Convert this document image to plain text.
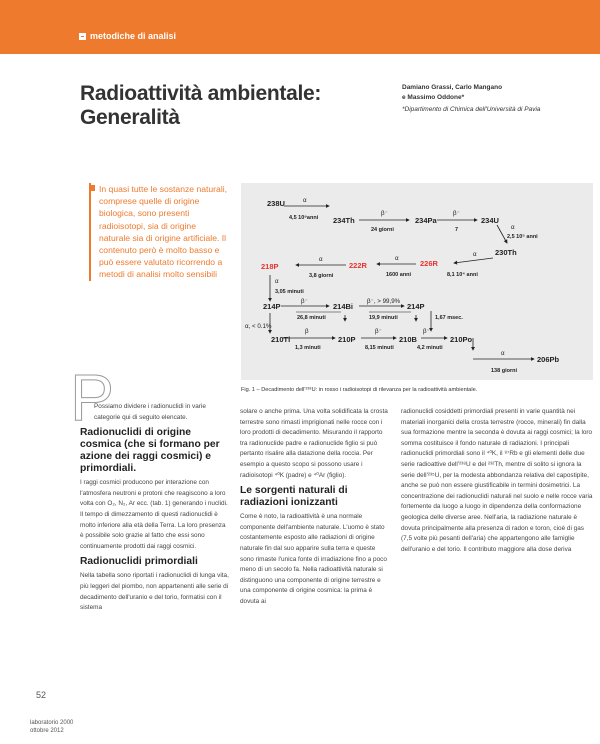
metodiche di analisi
Radioattività ambientale:
Generalità
Damiano Grassi, Carlo Mangano
e Massimo Oddone*
*Dipartimento di Chimica dell'Università di Pavia
In quasi tutte le sostanze naturali, comprese quelle di origine biologica, sono presenti radioisotopi, sia di origine naturale sia di origine artificiale. Il contenuto però è molto basso e può essere valutato ricorrendo a metodi di analisi molto sensibili
238U
234Th	234Pa	234U
230Th
214P	214Bi	214P
210Tl	210P	210B	210Po
206Pb
226R
222R
218P
α
4,5 10⁹anni
β⁻
24 giorni
β⁻
7	α
2,5 10⁵ anni
α
8,1 10⁴ anni
α
1600 anni
α
3,8 giorni
α
3,05 minuti
β⁻
26,8 minuti
β⁻, > 99,9%
19,9 minuti	1,67 msec.
α, < 0.1%
β
1,3 minuti
β⁻
8,15 minuti
β⁻
4,2 minuti
α
138 giorni
Fig. 1 – Decadimento dell'²³⁸U: in rosso i radioisotopi di rilevanza per la radioattività ambientale.
P

Possiamo dividere i radionuclidi in varie categorie qui di seguito elencate.

Radionuclidi di origine cosmica (che si formano per azione dei raggi cosmici) e primordiali.

I raggi cosmici producono per interazione con l'atmosfera neutroni e protoni che reagiscono a loro volta con O₂, N₂, Ar ecc. (tab. 1) generando i nuclidi. Il tempo di dimezzamento di questi radionuclidi è molto inferiore alla età della Terra. La loro presenza è possibile solo grazie al fatto che essi sono continuamente prodotti dai raggi cosmici.

Radionuclidi primordiali

Nella tabella sono riportati i radionuclidi di lunga vita, più leggeri del piombo, non appartenenti alle serie di decadimento dell'uranio e del torio, formatisi con il sistema

solare o anche prima. Una volta solidificata la crosta terrestre sono rimasti imprigionati nelle rocce con i loro prodotti di decadimento. Misurando il rapporto tra radionuclide padre e radionuclide figlio si può pertanto risalire alla datazione della roccia. Per esempio a questo scopo si possono usare i radioisotopi ⁴⁰K (padre) e ⁴⁰Ar (figlio).

Le sorgenti naturali di radiazioni ionizzanti

Come è noto, la radioattività è una normale componente dell'ambiente naturale. L'uomo è stato costantemente esposto alle radiazioni di origine naturale fin dal suo apparire sulla terra e queste sono rimaste l'unica fonte di irradiazione fino a poco meno di un secolo fa. Nella radioattività naturale si distinguono una componente di origine terrestre e una componente di origine cosmica: la prima è dovuta ai

radionuclidi cosiddetti primordiali presenti in varie quantità nei materiali inorganici della crosta terrestre (rocce, minerali) fin dalla sua formazione mentre la seconda è dovuta ai raggi cosmici; la loro somma costituisce il fondo naturale di radiazioni. I principali radionuclidi primordiali sono il ⁴⁰K, il ⁸⁷Rb e gli elementi delle due serie radioattive dell'²³⁸U e del ²³²Th, mentre di solito si ignora la serie dell'²³⁵U, per la modesta abbondanza relativa del capostipite, anche se può non essere giustificabile in termini dosimetrici. La concentrazione dei radionuclidi naturali nel suolo e nelle rocce varia fortemente da luogo a luogo in dipendenza della conformazione geologica delle diverse aree. Nell'aria, la radiazione naturale è dovuta principalmente alla presenza di radon e toron, cioè di gas (7,5 volte più pesanti dell'aria) che appartengono alle famiglie dell'uranio e del torio. Il contributo maggiore alla dose deriva

52
laboratorio 2000
ottobre 2012
